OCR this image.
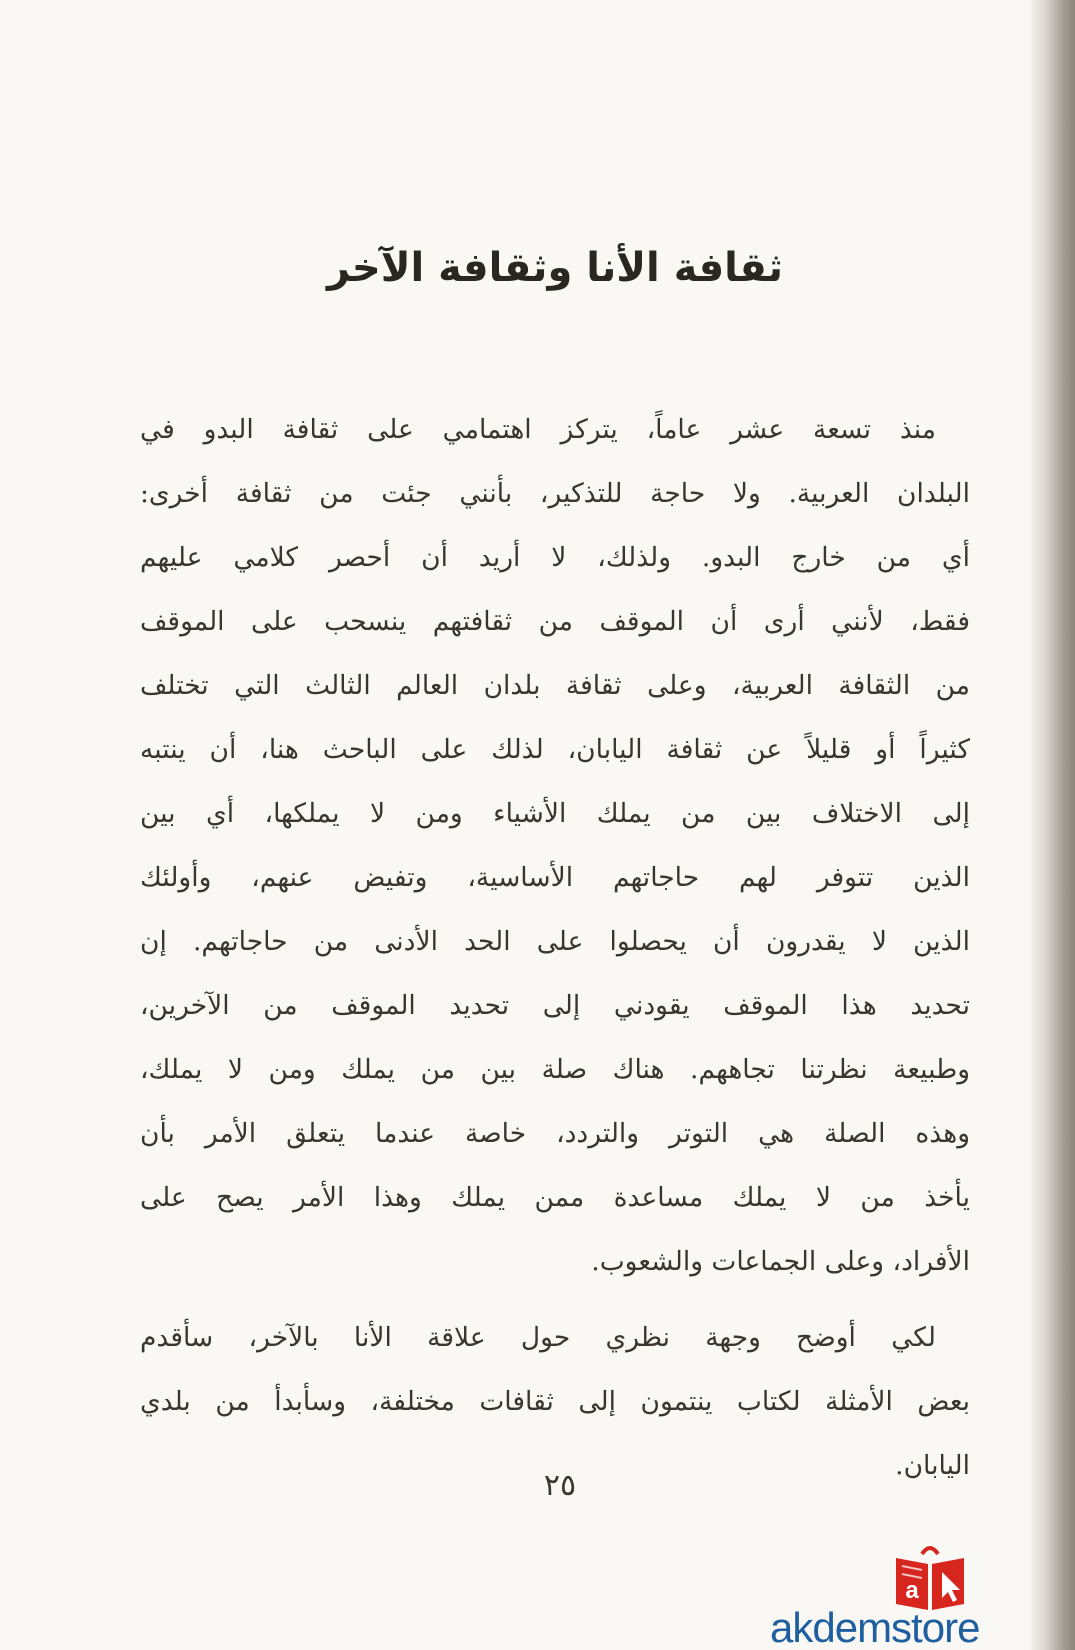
ثقافة الأنا وثقافة الآخر
منذ تسعة عشر عاماً، يتركز اهتمامي على ثقافة البدو في
البلدان العربية. ولا حاجة للتذكير، بأنني جئت من ثقافة أخرى:
أي من خارج البدو. ولذلك، لا أريد أن أحصر كلامي عليهم
فقط، لأنني أرى أن الموقف من ثقافتهم ينسحب على الموقف
من الثقافة العربية، وعلى ثقافة بلدان العالم الثالث التي تختلف
كثيراً أو قليلاً عن ثقافة اليابان، لذلك على الباحث هنا، أن ينتبه
إلى الاختلاف بين من يملك الأشياء ومن لا يملكها، أي بين
الذين تتوفر لهم حاجاتهم الأساسية، وتفيض عنهم، وأولئك
الذين لا يقدرون أن يحصلوا على الحد الأدنى من حاجاتهم. إن
تحديد هذا الموقف يقودني إلى تحديد الموقف من الآخرين،
وطبيعة نظرتنا تجاههم. هناك صلة بين من يملك ومن لا يملك،
وهذه الصلة هي التوتر والتردد، خاصة عندما يتعلق الأمر بأن
يأخذ من لا يملك مساعدة ممن يملك وهذا الأمر يصح على
الأفراد، وعلى الجماعات والشعوب.
لكي أوضح وجهة نظري حول علاقة الأنا بالآخر، سأقدم
بعض الأمثلة لكتاب ينتمون إلى ثقافات مختلفة، وسأبدأ من بلدي
اليابان.
٢٥
a
akdemstore
